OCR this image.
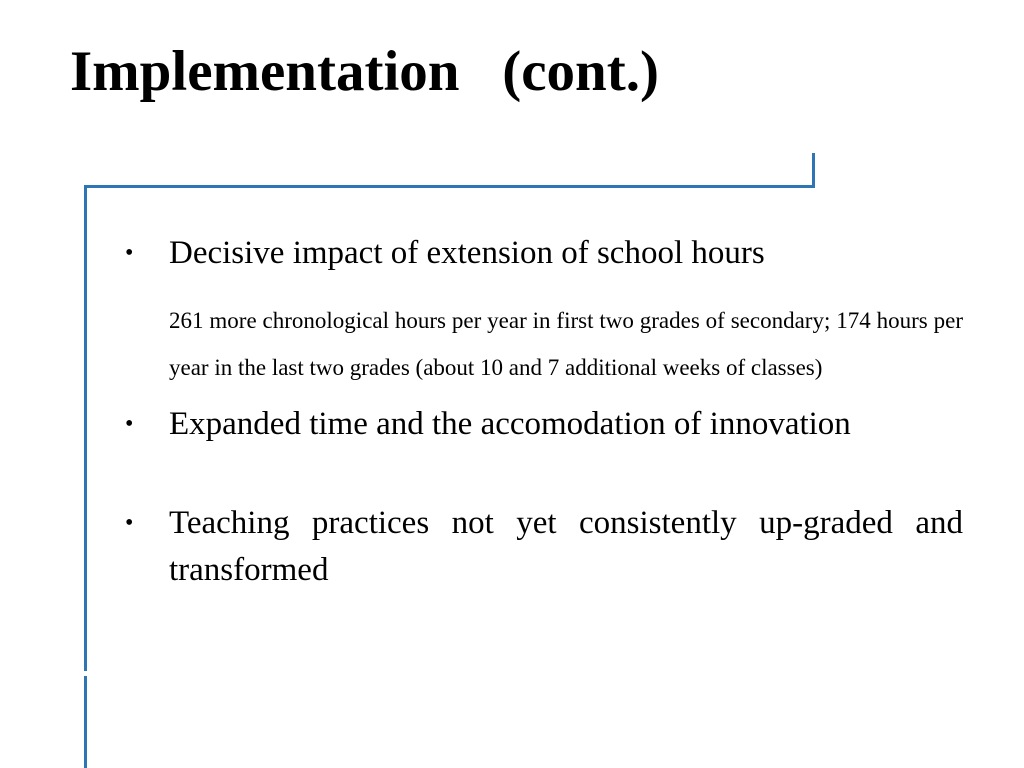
Implementation   (cont.)
•	Decisive impact of extension of school hours
261 more chronological hours per year in first two grades of secondary; 174 hours per year in the last two grades (about 10 and 7 additional weeks of classes)
•	Expanded time and the accomodation of innovation
•	Teaching practices not yet consistently up-graded and transformed
